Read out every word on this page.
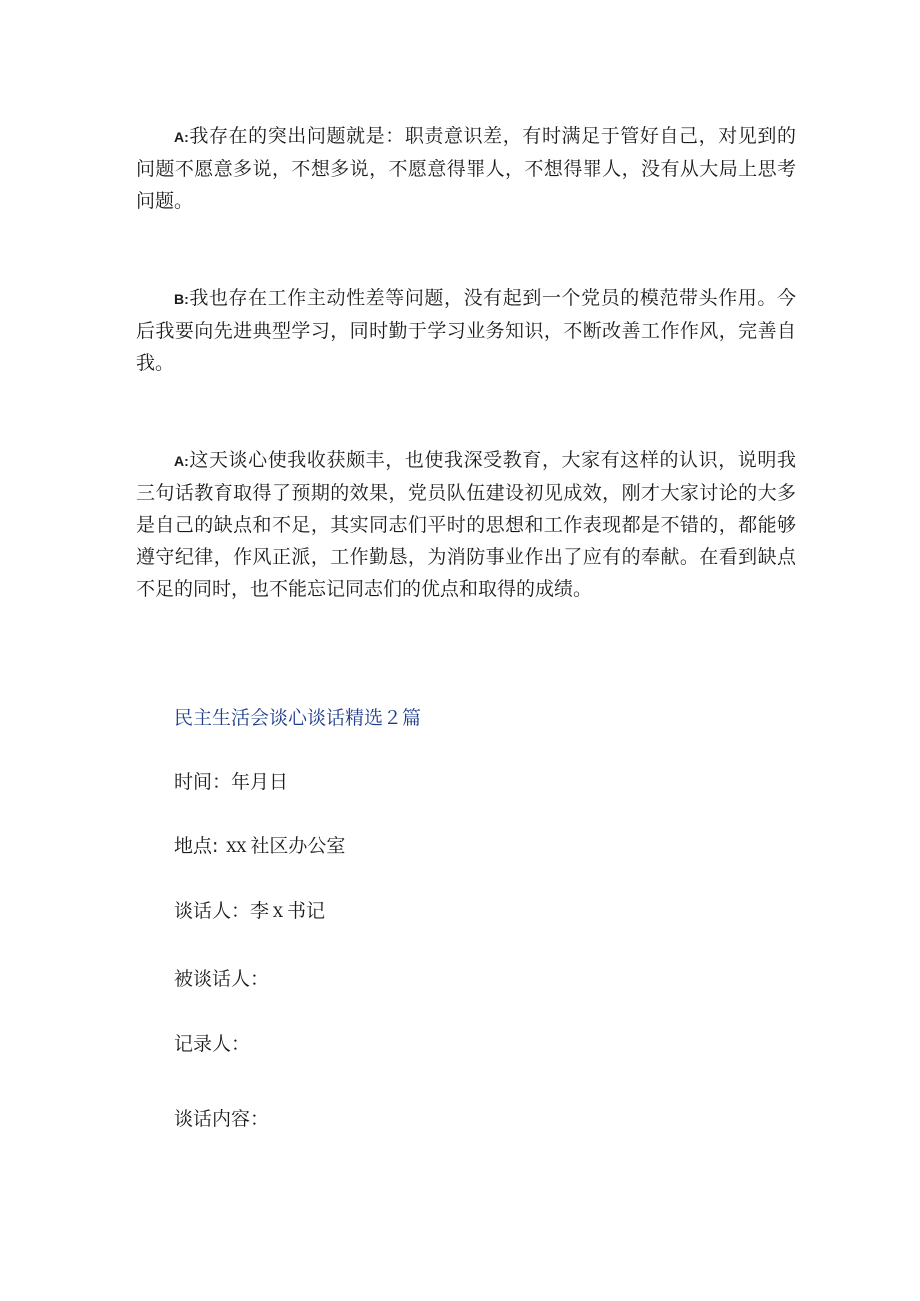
A:我存在的突出问题就是：职责意识差，有时满足于管好自己，对见到的问题不愿意多说，不想多说，不愿意得罪人，不想得罪人，没有从大局上思考问题。

B:我也存在工作主动性差等问题，没有起到一个党员的模范带头作用。今后我要向先进典型学习，同时勤于学习业务知识，不断改善工作作风，完善自我。

A:这天谈心使我收获颇丰，也使我深受教育，大家有这样的认识，说明我三句话教育取得了预期的效果，党员队伍建设初见成效，刚才大家讨论的大多是自己的缺点和不足，其实同志们平时的思想和工作表现都是不错的，都能够遵守纪律，作风正派，工作勤恳，为消防事业作出了应有的奉献。在看到缺点不足的同时，也不能忘记同志们的优点和取得的成绩。

民主生活会谈心谈话精选２篇

时间：年月日

地点: XX 社区办公室

谈话人：李 X 书记

被谈话人：

记录人：

谈话内容：
